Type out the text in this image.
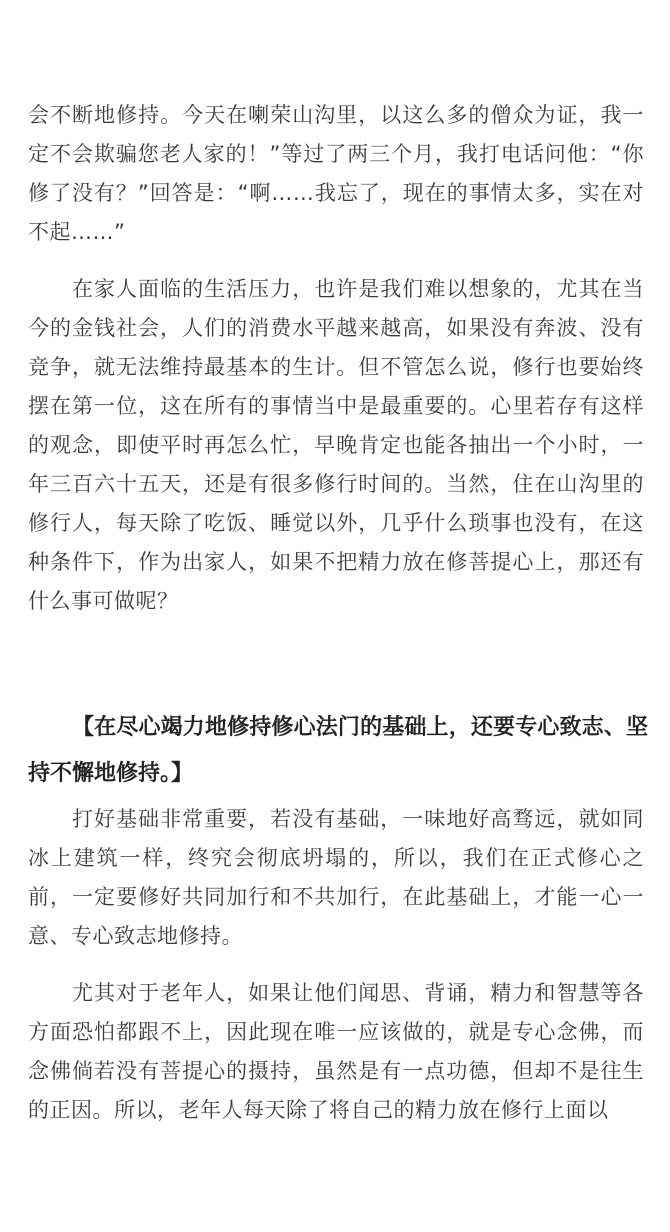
会不断地修持。今天在喇荣山沟里，以这么多的僧众为证，我一定不会欺骗您老人家的！”等过了两三个月，我打电话问他：“你修了没有？”回答是：“啊……我忘了，现在的事情太多，实在对不起……”

在家人面临的生活压力，也许是我们难以想象的，尤其在当今的金钱社会，人们的消费水平越来越高，如果没有奔波、没有竞争，就无法维持最基本的生计。但不管怎么说，修行也要始终摆在第一位，这在所有的事情当中是最重要的。心里若存有这样的观念，即使平时再怎么忙，早晚肯定也能各抽出一个小时，一年三百六十五天，还是有很多修行时间的。当然，住在山沟里的修行人，每天除了吃饭、睡觉以外，几乎什么琐事也没有，在这种条件下，作为出家人，如果不把精力放在修菩提心上，那还有什么事可做呢？

【在尽心竭力地修持修心法门的基础上，还要专心致志、坚持不懈地修持。】

打好基础非常重要，若没有基础，一味地好高骛远，就如同冰上建筑一样，终究会彻底坍塌的，所以，我们在正式修心之前，一定要修好共同加行和不共加行，在此基础上，才能一心一意、专心致志地修持。

尤其对于老年人，如果让他们闻思、背诵，精力和智慧等各方面恐怕都跟不上，因此现在唯一应该做的，就是专心念佛，而念佛倘若没有菩提心的摄持，虽然是有一点功德，但却不是往生的正因。所以，老年人每天除了将自己的精力放在修行上面以
